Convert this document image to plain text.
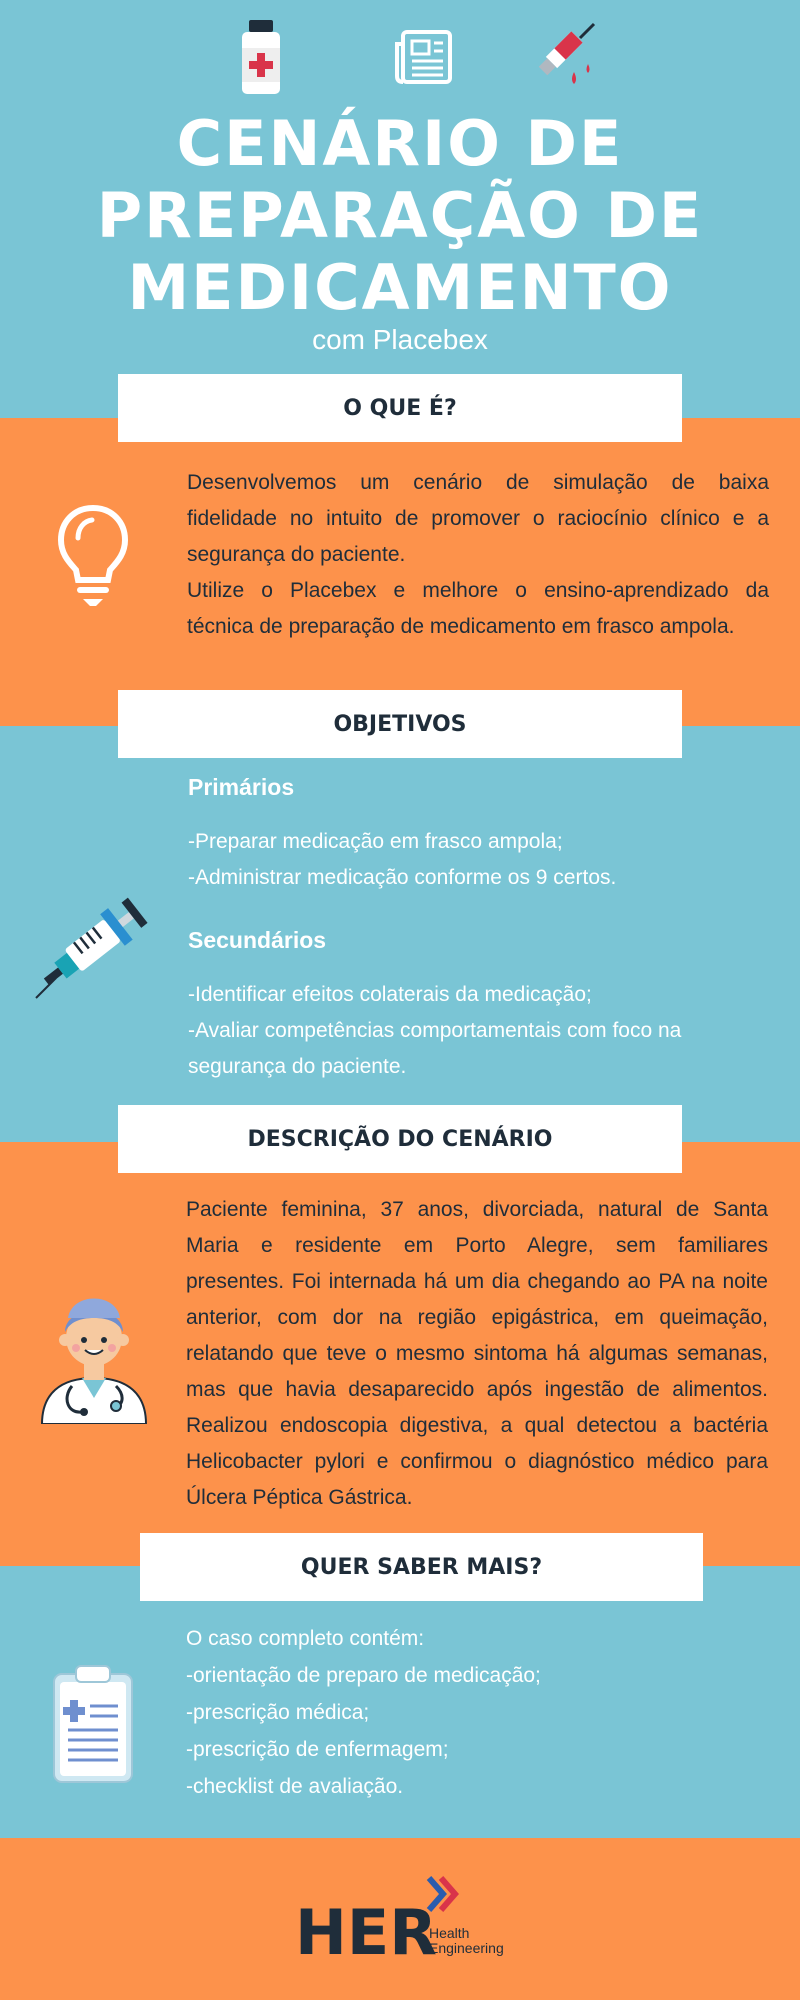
CENÁRIO DE
PREPARAÇÃO DE
MEDICAMENTO
com Placebex
O QUE É?
Desenvolvemos um cenário de simulação de baixa
fidelidade no intuito de promover o raciocínio clínico e a
segurança do paciente.
Utilize o Placebex e melhore o ensino-aprendizado da
técnica de preparação de medicamento em frasco ampola.
OBJETIVOS
Primários
-Preparar medicação em frasco ampola;
-Administrar medicação conforme os 9 certos.
Secundários
-Identificar efeitos colaterais da medicação;
-Avaliar competências comportamentais com foco na
segurança do paciente.
DESCRIÇÃO DO CENÁRIO
Paciente feminina, 37 anos, divorciada, natural de Santa
Maria e residente em Porto Alegre, sem familiares
presentes. Foi internada há um dia chegando ao PA na noite
anterior, com dor na região epigástrica, em queimação,
relatando que teve o mesmo sintoma há algumas semanas,
mas que havia desaparecido após ingestão de alimentos.
Realizou endoscopia digestiva, a qual detectou a bactéria
Helicobacter pylori e confirmou o diagnóstico médico para
Úlcera Péptica Gástrica.
QUER SABER MAIS?
O caso completo contém:
-orientação de preparo de medicação;
-prescrição médica;
-prescrição de enfermagem;
-checklist de avaliação.
HER
Health
Engineering
